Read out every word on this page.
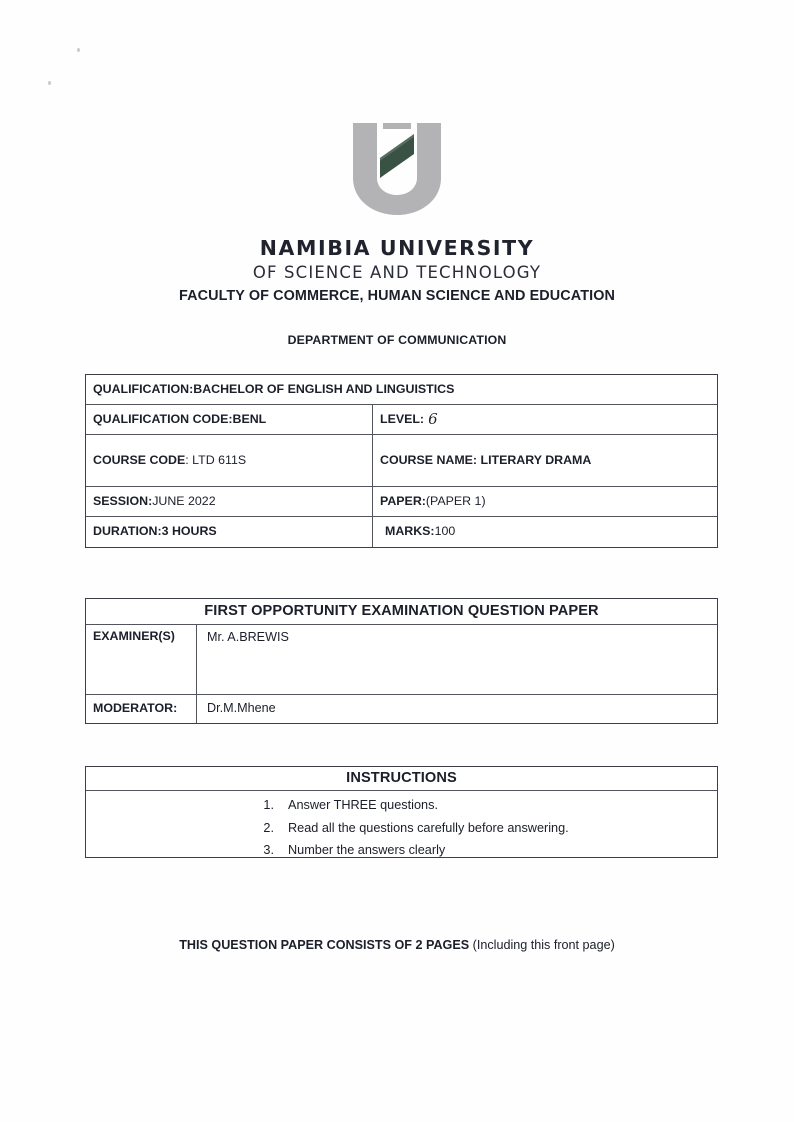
NAMIBIA UNIVERSITY
OF SCIENCE AND TECHNOLOGY
FACULTY OF COMMERCE, HUMAN SCIENCE AND EDUCATION
DEPARTMENT OF COMMUNICATION
QUALIFICATION: BACHELOR OF ENGLISH AND LINGUISTICS
QUALIFICATION CODE: BENL	LEVEL: 6
COURSE CODE : LTD 611S	COURSE NAME: LITERARY DRAMA
SESSION: JUNE 2022	PAPER: (PAPER 1)
DURATION: 3 HOURS	MARKS: 100
FIRST OPPORTUNITY EXAMINATION QUESTION PAPER
EXAMINER(S)	Mr. A.BREWIS
MODERATOR:	Dr.M.Mhene
INSTRUCTIONS
Answer THREE questions.
Read all the questions carefully before answering.
Number the answers clearly
THIS QUESTION PAPER CONSISTS OF 2 PAGES (Including this front page)
